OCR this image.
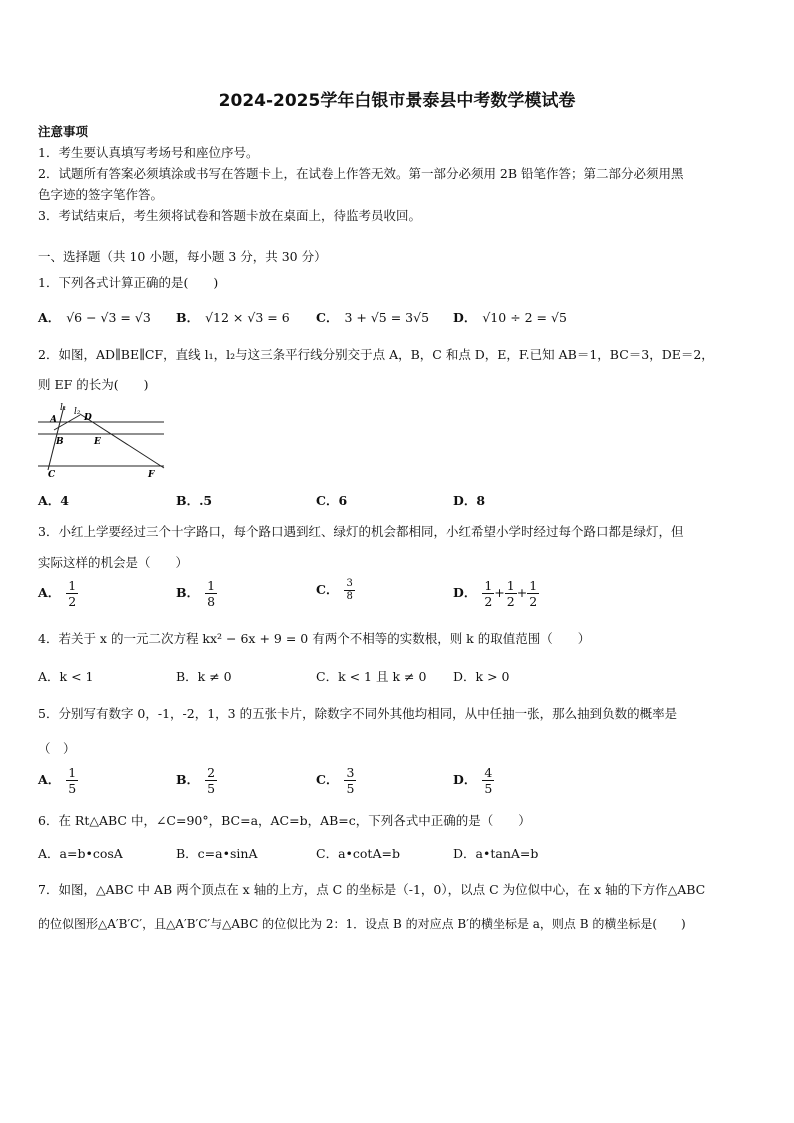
2024-2025学年白银市景泰县中考数学模试卷
注意事项
1．考生要认真填写考场号和座位序号。
2．试题所有答案必须填涂或书写在答题卡上，在试卷上作答无效。第一部分必须用 2B 铅笔作答；第二部分必须用黑
色字迹的签字笔作答。
3．考试结束后，考生须将试卷和答题卡放在桌面上，待监考员收回。
一、选择题（共 10 小题，每小题 3 分，共 30 分）
1．下列各式计算正确的是(　　)
A． √6 − √3 = √3 B． √12 × √3 = 6 C． 3 + √5 = 3√5 D． √10 ÷ 2 = √5
2．如图，AD∥BE∥CF，直线 l₁，l₂与这三条平行线分别交于点 A，B，C 和点 D，E，F.已知 AB＝1，BC＝3，DE＝2，
则 EF 的长为(　　)
l₁ l₂
A	D
B	E
C	F
A．4	B．.5	C．6	D．8
3．小红上学要经过三个十字路口，每个路口遇到红、绿灯的机会都相同，小红希望小学时经过每个路口都是绿灯，但
实际这样的机会是（　　）
A． $\frac{1}{2}$	B． $\frac{1}{8}$	C． $\frac{3}{8}$	D． $\frac{1}{2} + \frac{1}{2} + \frac{1}{2}$
4．若关于 x 的一元二次方程 kx² − 6x + 9 = 0 有两个不相等的实数根，则 k 的取值范围（　　）
A．k < 1	B．k ≠ 0	C．k < 1 且 k ≠ 0 D．k > 0
5．分别写有数字 0，-1，-2，1，3 的五张卡片，除数字不同外其他均相同，从中任抽一张，那么抽到负数的概率是
（　）
A． $\frac{1}{5}$	B． $\frac{2}{5}$	C． $\frac{3}{5}$	D． $\frac{4}{5}$
6．在 Rt△ABC 中，∠C=90°，BC=a，AC=b，AB=c，下列各式中正确的是（　　）
A．a=b•cosA	B．c=a•sinA	C．a•cotA=b	D．a•tanA=b
7．如图，△ABC 中 AB 两个顶点在 x 轴的上方，点 C 的坐标是（-1，0），以点 C 为位似中心，在 x 轴的下方作△ABC
的位似图形△A′B′C′，且△A′B′C′与△ABC 的位似比为 2：1．设点 B 的对应点 B′的横坐标是 a，则点 B 的横坐标是(　　)
